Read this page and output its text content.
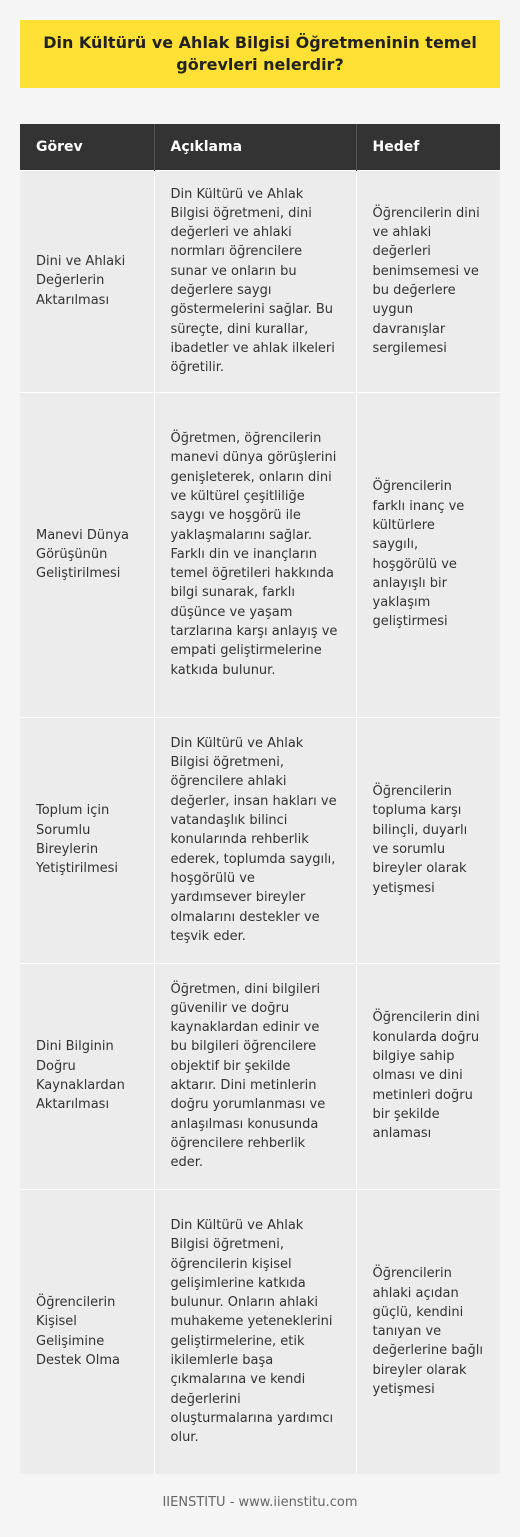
Din Kültürü ve Ahlak Bilgisi Öğretmeninin temel görevleri nelerdir?
Görev	Açıklama	Hedef
Dini ve Ahlaki Değerlerin Aktarılması	Din Kültürü ve Ahlak Bilgisi öğretmeni, dini değerleri ve ahlaki normları öğrencilere sunar ve onların bu değerlere saygı göstermelerini sağlar. Bu süreçte, dini kurallar, ibadetler ve ahlak ilkeleri öğretilir.	Öğrencilerin dini ve ahlaki değerleri benimsemesi ve bu değerlere uygun davranışlar sergilemesi
Manevi Dünya Görüşünün Geliştirilmesi	Öğretmen, öğrencilerin manevi dünya görüşlerini genişleterek, onların dini ve kültürel çeşitliliğe saygı ve hoşgörü ile yaklaşmalarını sağlar. Farklı din ve inançların temel öğretileri hakkında bilgi sunarak, farklı düşünce ve yaşam tarzlarına karşı anlayış ve empati geliştirmelerine katkıda bulunur.	Öğrencilerin farklı inanç ve kültürlere saygılı, hoşgörülü ve anlayışlı bir yaklaşım geliştirmesi
Toplum için Sorumlu Bireylerin Yetiştirilmesi	Din Kültürü ve Ahlak Bilgisi öğretmeni, öğrencilere ahlaki değerler, insan hakları ve vatandaşlık bilinci konularında rehberlik ederek, toplumda saygılı, hoşgörülü ve yardımsever bireyler olmalarını destekler ve teşvik eder.	Öğrencilerin topluma karşı bilinçli, duyarlı ve sorumlu bireyler olarak yetişmesi
Dini Bilginin Doğru Kaynaklardan Aktarılması	Öğretmen, dini bilgileri güvenilir ve doğru kaynaklardan edinir ve bu bilgileri öğrencilere objektif bir şekilde aktarır. Dini metinlerin doğru yorumlanması ve anlaşılması konusunda öğrencilere rehberlik eder.	Öğrencilerin dini konularda doğru bilgiye sahip olması ve dini metinleri doğru bir şekilde anlaması
Öğrencilerin Kişisel Gelişimine Destek Olma	Din Kültürü ve Ahlak Bilgisi öğretmeni, öğrencilerin kişisel gelişimlerine katkıda bulunur. Onların ahlaki muhakeme yeteneklerini geliştirmelerine, etik ikilemlerle başa çıkmalarına ve kendi değerlerini oluşturmalarına yardımcı olur.	Öğrencilerin ahlaki açıdan güçlü, kendini tanıyan ve değerlerine bağlı bireyler olarak yetişmesi
IIENSTITU - www.iienstitu.com
